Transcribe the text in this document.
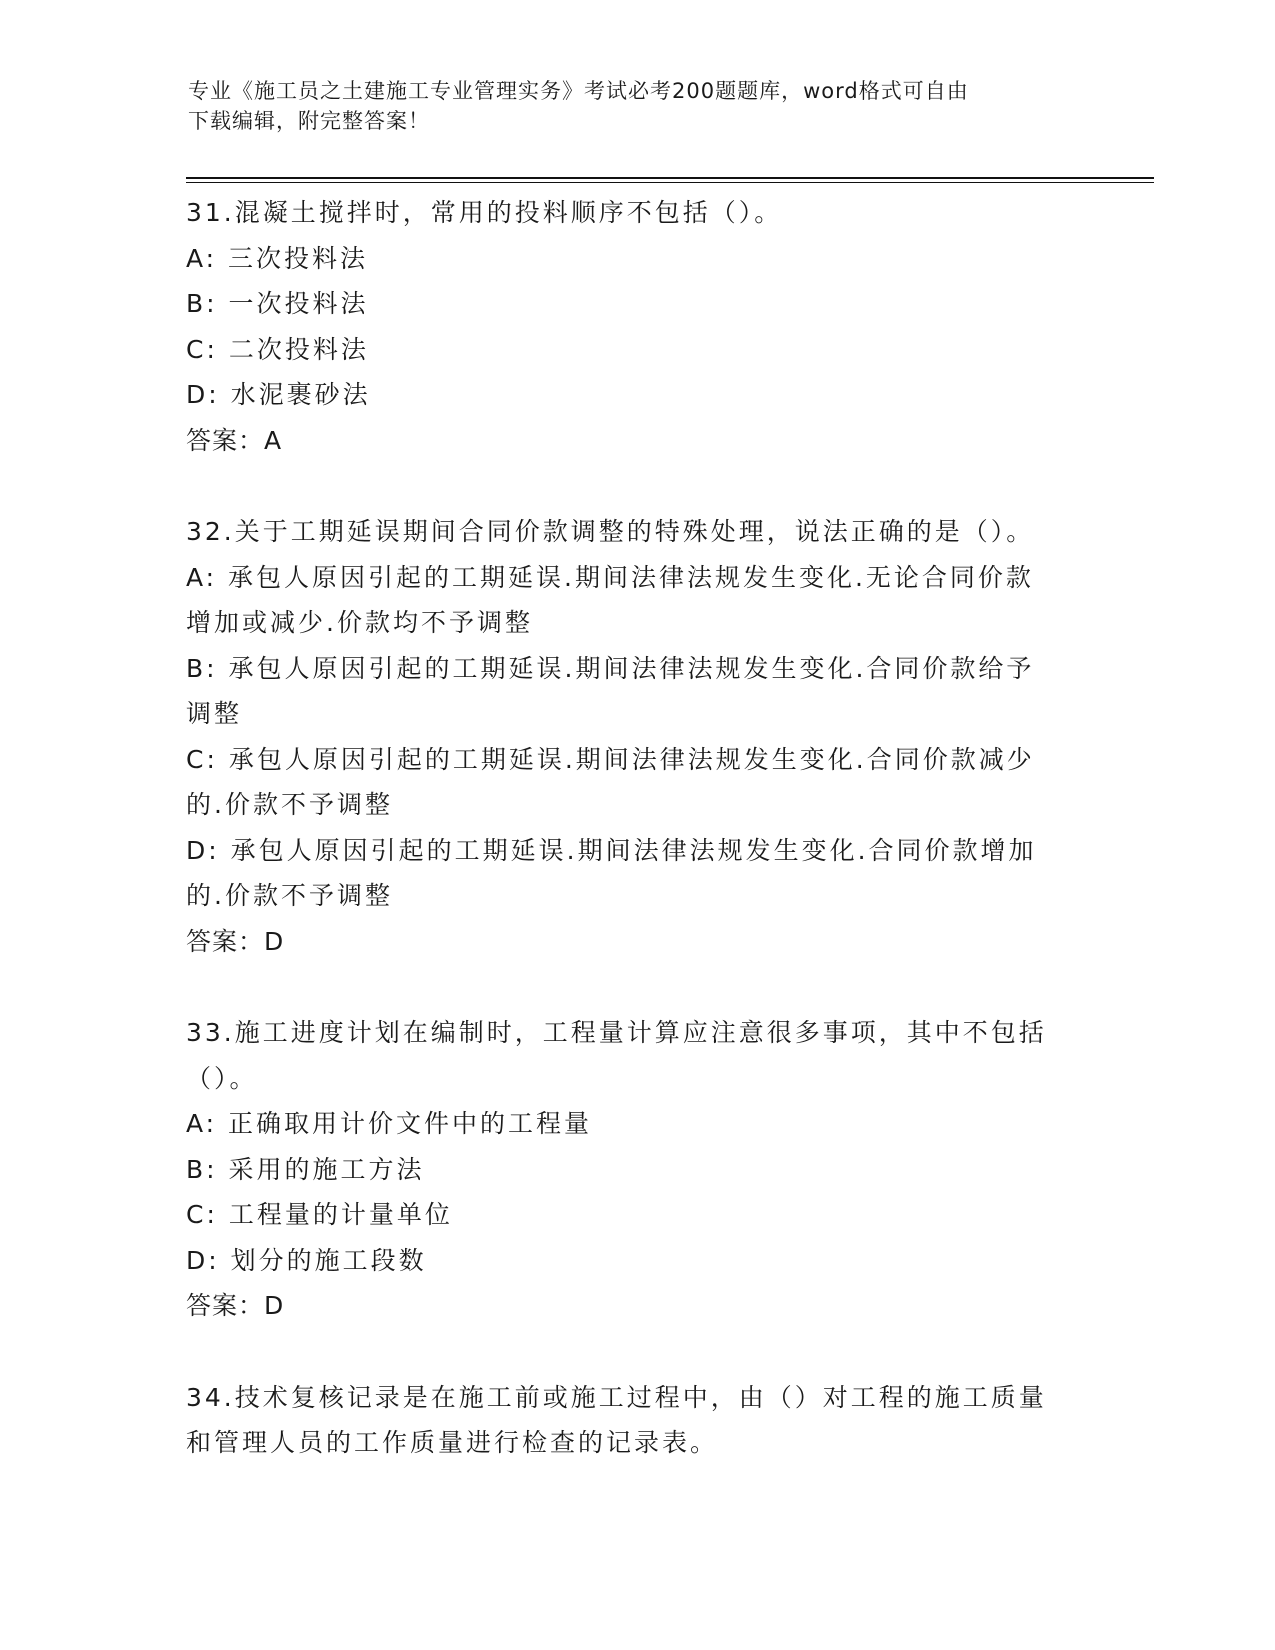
专业《施工员之土建施工专业管理实务》考试必考200题题库，word格式可自由
下载编辑，附完整答案！
31.混凝土搅拌时，常用的投料顺序不包括（）。
A: 三次投料法
B: 一次投料法
C: 二次投料法
D: 水泥裹砂法
答案：A
32.关于工期延误期间合同价款调整的特殊处理，说法正确的是（）。
A: 承包人原因引起的工期延误.期间法律法规发生变化.无论合同价款
增加或减少.价款均不予调整
B: 承包人原因引起的工期延误.期间法律法规发生变化.合同价款给予
调整
C: 承包人原因引起的工期延误.期间法律法规发生变化.合同价款减少
的.价款不予调整
D: 承包人原因引起的工期延误.期间法律法规发生变化.合同价款增加
的.价款不予调整
答案：D
33.施工进度计划在编制时，工程量计算应注意很多事项，其中不包括
（）。
A: 正确取用计价文件中的工程量
B: 采用的施工方法
C: 工程量的计量单位
D: 划分的施工段数
答案：D
34.技术复核记录是在施工前或施工过程中，由（）对工程的施工质量
和管理人员的工作质量进行检查的记录表。
